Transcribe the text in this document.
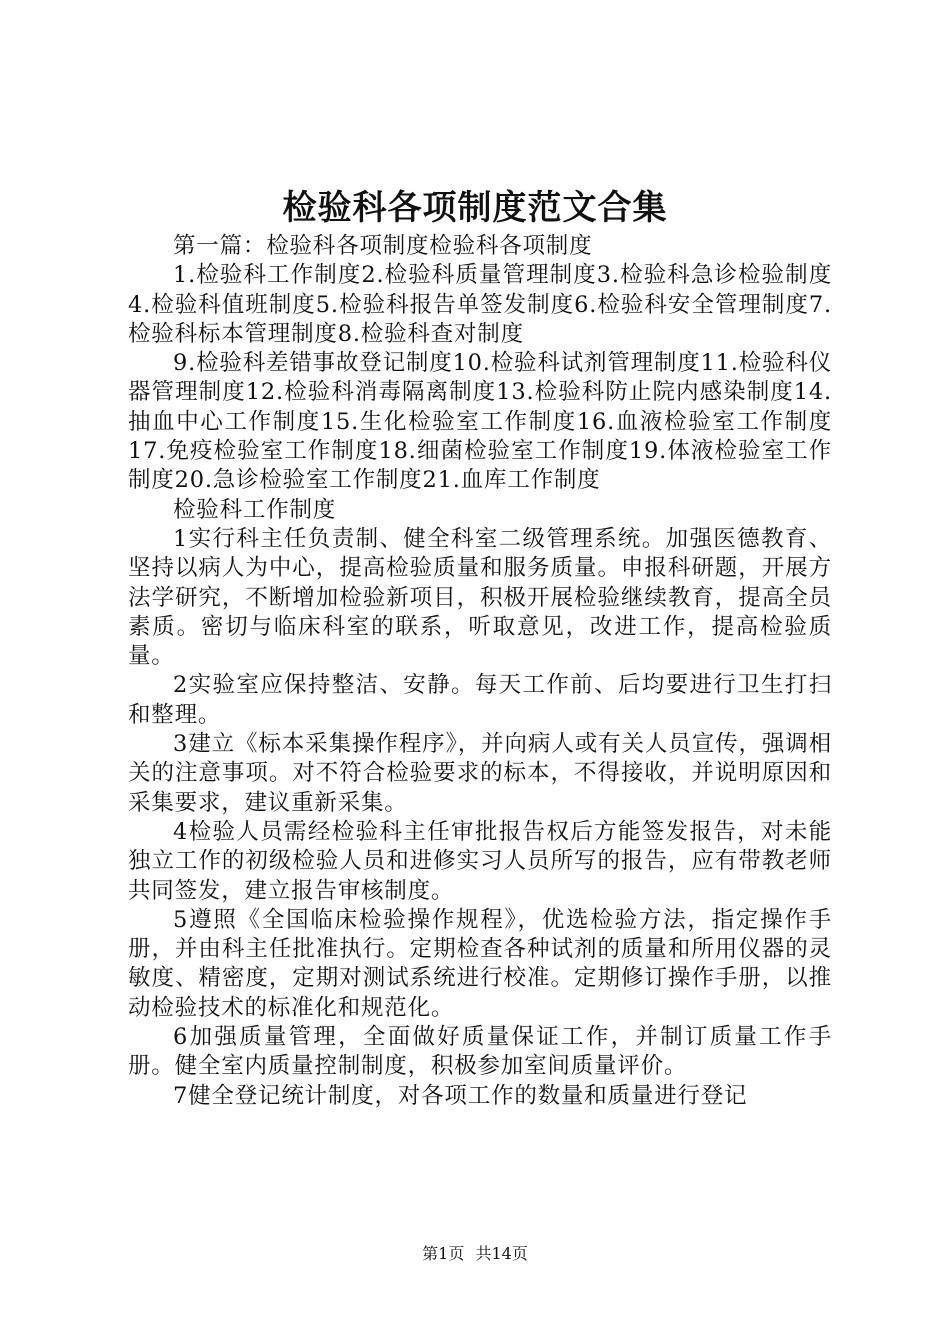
检验科各项制度范文合集

第一篇：检验科各项制度检验科各项制度

1.检验科工作制度2.检验科质量管理制度3.检验科急诊检验制度4.检验科值班制度5.检验科报告单签发制度6.检验科安全管理制度7.检验科标本管理制度8.检验科查对制度

9.检验科差错事故登记制度10.检验科试剂管理制度11.检验科仪器管理制度12.检验科消毒隔离制度13.检验科防止院内感染制度14.抽血中心工作制度15.生化检验室工作制度16.血液检验室工作制度17.免疫检验室工作制度18.细菌检验室工作制度19.体液检验室工作制度20.急诊检验室工作制度21.血库工作制度

检验科工作制度

1实行科主任负责制、健全科室二级管理系统。加强医德教育、坚持以病人为中心，提高检验质量和服务质量。申报科研题，开展方法学研究，不断增加检验新项目，积极开展检验继续教育，提高全员素质。密切与临床科室的联系，听取意见，改进工作，提高检验质量。

2实验室应保持整洁、安静。每天工作前、后均要进行卫生打扫和整理。

3建立《标本采集操作程序》，并向病人或有关人员宣传，强调相关的注意事项。对不符合检验要求的标本，不得接收，并说明原因和采集要求，建议重新采集。

4检验人员需经检验科主任审批报告权后方能签发报告，对未能独立工作的初级检验人员和进修实习人员所写的报告，应有带教老师共同签发，建立报告审核制度。

5遵照《全国临床检验操作规程》，优选检验方法，指定操作手册，并由科主任批准执行。定期检查各种试剂的质量和所用仪器的灵敏度、精密度，定期对测试系统进行校准。定期修订操作手册，以推动检验技术的标准化和规范化。

6加强质量管理，全面做好质量保证工作，并制订质量工作手册。健全室内质量控制制度，积极参加室间质量评价。

7健全登记统计制度，对各项工作的数量和质量进行登记

第1页 共14页
